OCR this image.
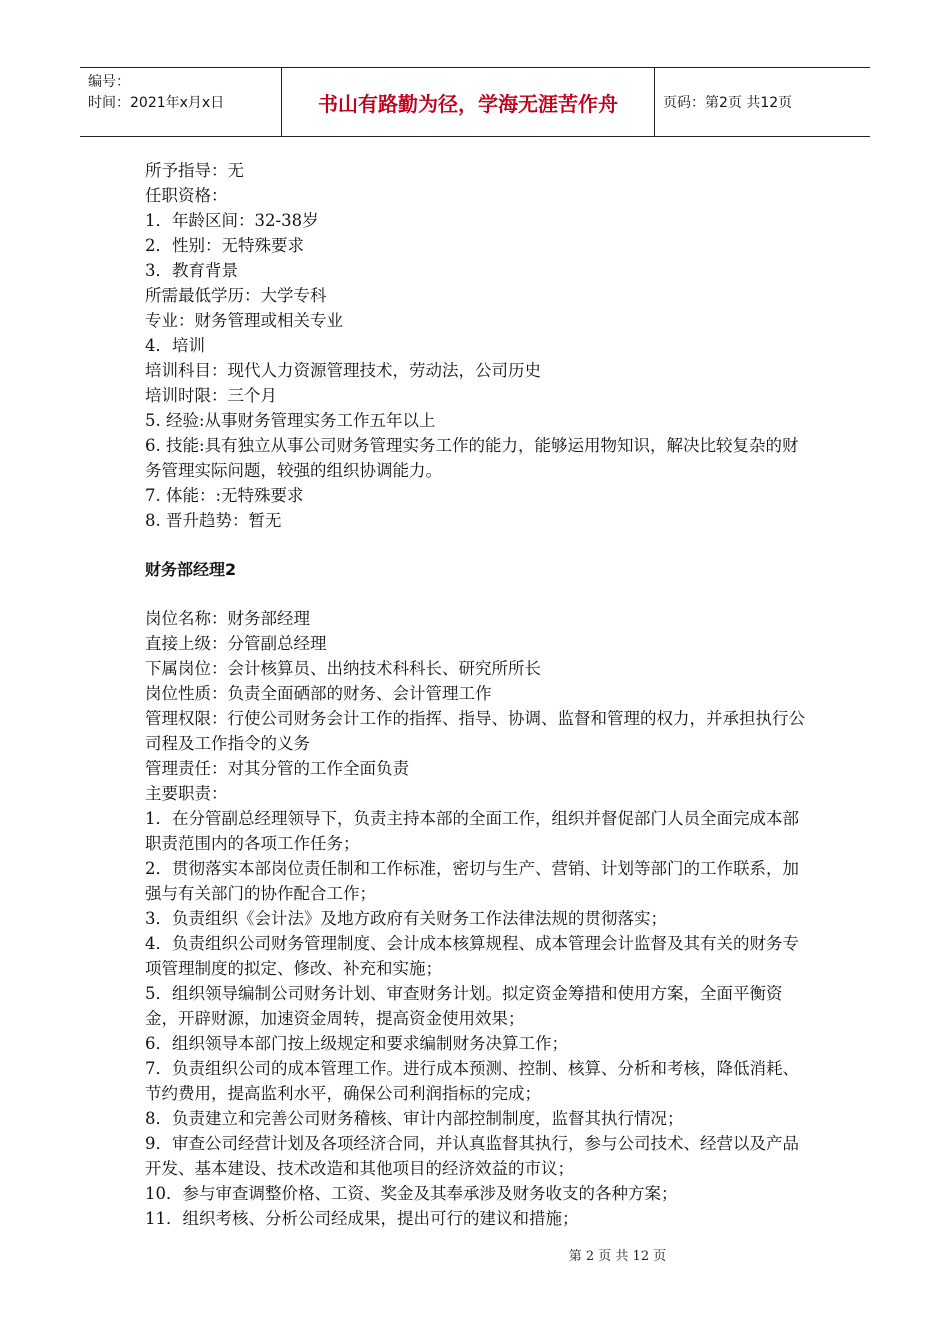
编号：
时间：2021年x月x日	书山有路勤为径，学海无涯苦作舟	页码：第2页 共12页

所予指导：无

任职资格：

1．年龄区间：32-38岁

2．性别：无特殊要求

3．教育背景

所需最低学历：大学专科

专业：财务管理或相关专业

4．培训

培训科目：现代人力资源管理技术，劳动法，公司历史

培训时限：三个月

5. 经验:从事财务管理实务工作五年以上

6. 技能:具有独立从事公司财务管理实务工作的能力，能够运用物知识，解决比较复杂的财务管理实际问题，较强的组织协调能力。

7. 体能：:无特殊要求

8. 晋升趋势：暂无

财务部经理2

岗位名称：财务部经理

直接上级：分管副总经理

下属岗位：会计核算员、出纳技术科科长、研究所所长

岗位性质：负责全面硒部的财务、会计管理工作

管理权限：行使公司财务会计工作的指挥、指导、协调、监督和管理的权力，并承担执行公司程及工作指令的义务

管理责任：对其分管的工作全面负责

主要职责：

1．在分管副总经理领导下，负责主持本部的全面工作，组织并督促部门人员全面完成本部职责范围内的各项工作任务；

2．贯彻落实本部岗位责任制和工作标准，密切与生产、营销、计划等部门的工作联系，加强与有关部门的协作配合工作；

3．负责组织《会计法》及地方政府有关财务工作法律法规的贯彻落实；

4．负责组织公司财务管理制度、会计成本核算规程、成本管理会计监督及其有关的财务专项管理制度的拟定、修改、补充和实施；

5．组织领导编制公司财务计划、审查财务计划。拟定资金筹措和使用方案，全面平衡资金，开辟财源，加速资金周转，提高资金使用效果；

6．组织领导本部门按上级规定和要求编制财务决算工作；

7．负责组织公司的成本管理工作。进行成本预测、控制、核算、分析和考核，降低消耗、节约费用，提高监利水平，确保公司利润指标的完成；

8．负责建立和完善公司财务稽核、审计内部控制制度，监督其执行情况；

9．审查公司经营计划及各项经济合同，并认真监督其执行，参与公司技术、经营以及产品开发、基本建设、技术改造和其他项目的经济效益的市议；

10．参与审查调整价格、工资、奖金及其奉承涉及财务收支的各种方案；

11．组织考核、分析公司经成果，提出可行的建议和措施；

第 2 页 共 12 页
